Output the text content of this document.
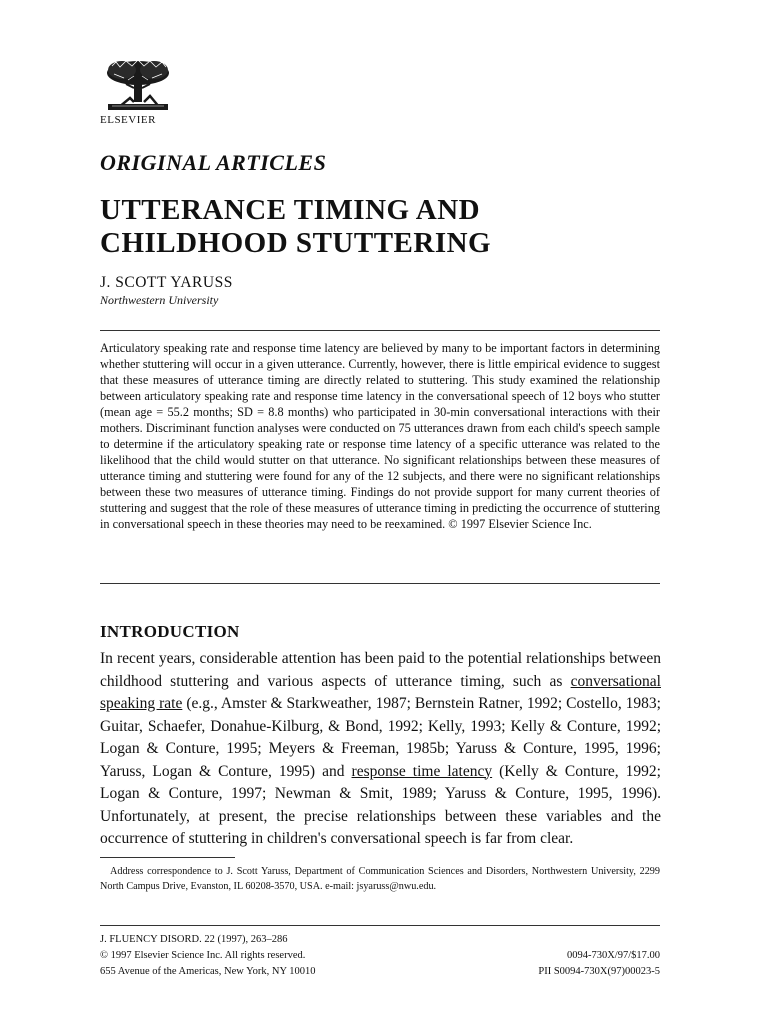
ELSEVIER
ORIGINAL ARTICLES
UTTERANCE TIMING AND
CHILDHOOD STUTTERING
J. SCOTT YARUSS
Northwestern University
Articulatory speaking rate and response time latency are believed by many to be important factors in determining whether stuttering will occur in a given utterance. Currently, however, there is little empirical evidence to suggest that these measures of utterance timing are directly related to stuttering. This study examined the relationship between articulatory speaking rate and response time latency in the conversational speech of 12 boys who stutter (mean age = 55.2 months; SD = 8.8 months) who participated in 30-min conversational interactions with their mothers. Discriminant function analyses were conducted on 75 utterances drawn from each child's speech sample to determine if the articulatory speaking rate or response time latency of a specific utterance was related to the likelihood that the child would stutter on that utterance. No significant relationships between these measures of utterance timing and stuttering were found for any of the 12 subjects, and there were no significant relationships between these two measures of utterance timing. Findings do not provide support for many current theories of stuttering and suggest that the role of these measures of utterance timing in predicting the occurrence of stuttering in conversational speech in these theories may need to be reexamined. © 1997 Elsevier Science Inc.
INTRODUCTION
In recent years, considerable attention has been paid to the potential relationships between childhood stuttering and various aspects of utterance timing, such as conversational speaking rate (e.g., Amster & Starkweather, 1987; Bernstein Ratner, 1992; Costello, 1983; Guitar, Schaefer, Donahue-Kilburg, & Bond, 1992; Kelly, 1993; Kelly & Conture, 1992; Logan & Conture, 1995; Meyers & Freeman, 1985b; Yaruss & Conture, 1995, 1996; Yaruss, Logan & Conture, 1995) and response time latency (Kelly & Conture, 1992; Logan & Conture, 1997; Newman & Smit, 1989; Yaruss & Conture, 1995, 1996). Unfortunately, at present, the precise relationships between these variables and the occurrence of stuttering in children's conversational speech is far from clear.
Address correspondence to J. Scott Yaruss, Department of Communication Sciences and Disorders, Northwestern University, 2299 North Campus Drive, Evanston, IL 60208-3570, USA. e-mail: jsyaruss@nwu.edu.
J. FLUENCY DISORD. 22 (1997), 263–286
© 1997 Elsevier Science Inc. All rights reserved.
655 Avenue of the Americas, New York, NY 10010
0094-730X/97/$17.00
PII S0094-730X(97)00023-5
